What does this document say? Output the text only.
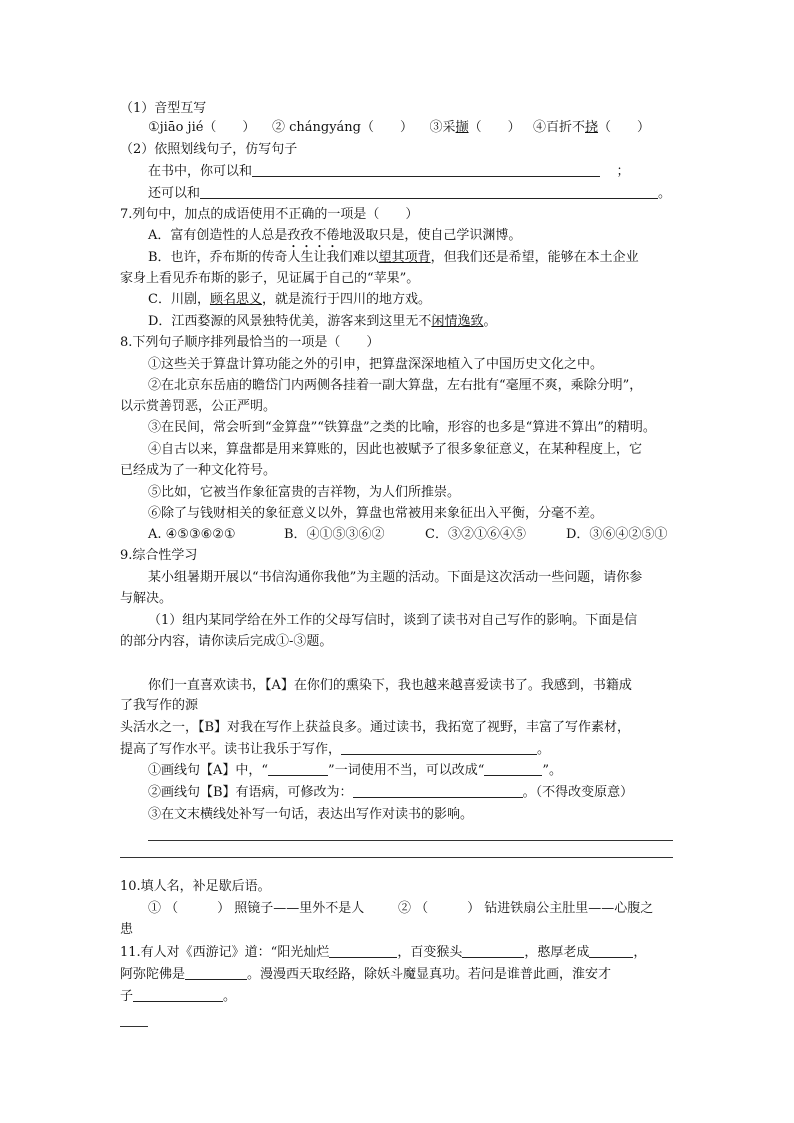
（1）音型互写
①jiāo jié（　　） ② chángyáng（　　） ③采撷（　　） ④百折不挠（　　）
（2）依照划线句子，仿写句子
在书中，你可以和	；
还可以和	。
7.列句中，加点的成语使用不正确的一项是（　　）
A．富有创造性的人总是孜孜不倦地汲取只是，使自己学识渊博。
B．也许，乔布斯的传奇人生让我们难以望其项背，但我们还是希望，能够在本土企业
家身上看见乔布斯的影子，见证属于自己的“苹果”。
C．川剧，顾名思义，就是流行于四川的地方戏。
D．江西婺源的风景独特优美，游客来到这里无不闲情逸致。
8.下列句子顺序排列最恰当的一项是（　　）
①这些关于算盘计算功能之外的引申，把算盘深深地植入了中国历史文化之中。
②在北京东岳庙的瞻岱门内两侧各挂着一副大算盘，左右批有“毫厘不爽，乘除分明”，
以示赏善罚恶，公正严明。
③在民间，常会听到“金算盘”“铁算盘”之类的比喻，形容的也多是“算进不算出”的精明。
④自古以来，算盘都是用来算账的，因此也被赋予了很多象征意义，在某种程度上，它
已经成为了一种文化符号。
⑤比如，它被当作象征富贵的吉祥物，为人们所推崇。
⑥除了与钱财相关的象征意义以外，算盘也常被用来象征出入平衡，分毫不差。
A. ④⑤③⑥②①	B．④①⑤③⑥②	C．③②①⑥④⑤	D．③⑥④②⑤①
9.综合性学习
某小组暑期开展以“书信沟通你我他”为主题的活动。下面是这次活动一些问题，请你参
与解决。
（1）组内某同学给在外工作的父母写信时，谈到了读书对自己写作的影响。下面是信
的部分内容，请你读后完成①-③题。
你们一直喜欢读书，【A】在你们的熏染下，我也越来越喜爱读书了。我感到，书籍成
了我写作的源
头活水之一，【B】对我在写作上获益良多。通过读书，我拓宽了视野，丰富了写作素材，
提高了写作水平。读书让我乐于写作，	。
①画线句【A】中，“	”一词使用不当，可以改成“	”。
②画线句【B】有语病，可修改为：	。（不得改变原意）
③在文末横线处补写一句话，表达出写作对读书的影响。
10.填人名，补足歇后语。
① （　　　） 照镜子——里外不是人	② （　　　） 钻进铁扇公主肚里——心腹之
患
11.有人对《西游记》道：“阳光灿烂	，百变猴头	，憨厚老成	，
阿弥陀佛是	。漫漫西天取经路，除妖斗魔显真功。若问是谁普此画，淮安才
子	。
